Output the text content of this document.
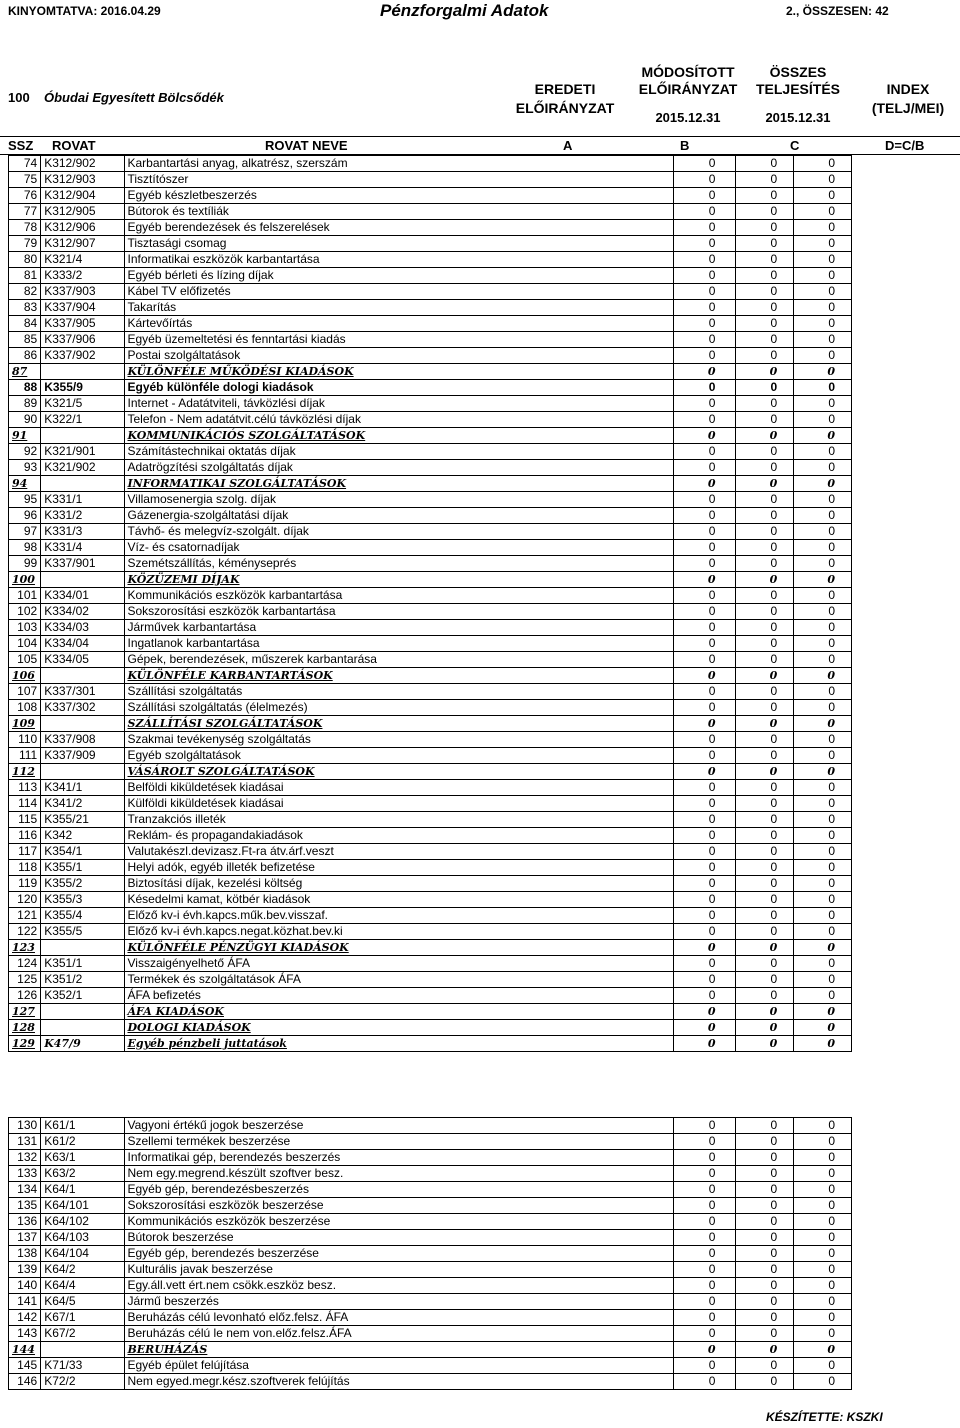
KINYOMTATVA: 2016.04.29	Pénzforgalmi Adatok	2., ÖSSZESEN: 42
100 Óbudai Egyesített Bölcsődék
EREDETI
ELŐIRÁNYZAT
MÓDOSÍTOTT
ELŐIRÁNYZAT
2015.12.31
ÖSSZES
TELJESÍTÉS
2015.12.31
INDEX
(TELJ/MEI)
SSZ ROVAT	ROVAT NEVE	A	B	C	D=C/B
74	K312/902	Karbantartási anyag, alkatrész, szerszám	0	0	0
75	K312/903	Tisztítószer	0	0	0
76	K312/904	Egyéb készletbeszerzés	0	0	0
77	K312/905	Bútorok és textíliák	0	0	0
78	K312/906	Egyéb berendezések és felszerelések	0	0	0
79	K312/907	Tisztasági csomag	0	0	0
80	K321/4	Informatikai eszközök karbantartása	0	0	0
81	K333/2	Egyéb bérleti és lízing díjak	0	0	0
82	K337/903	Kábel TV előfizetés	0	0	0
83	K337/904	Takarítás	0	0	0
84	K337/905	Kártevőírtás	0	0	0
85	K337/906	Egyéb üzemeltetési és fenntartási kiadás	0	0	0
86	K337/902	Postai szolgáltatások	0	0	0
87		KÜLÖNFÉLE MŰKÖDÉSI KIADÁSOK	0	0	0
88	K355/9	Egyéb különféle dologi kiadások	0	0	0
89	K321/5	Internet - Adatátviteli, távközlési díjak	0	0	0
90	K322/1	Telefon - Nem adatátvit.célú távközlési díjak	0	0	0
91		KOMMUNIKÁCIÓS SZOLGÁLTATÁSOK	0	0	0
92	K321/901	Számítástechnikai oktatás díjak	0	0	0
93	K321/902	Adatrögzítési szolgáltatás díjak	0	0	0
94		INFORMATIKAI SZOLGÁLTATÁSOK	0	0	0
95	K331/1	Villamosenergia szolg. díjak	0	0	0
96	K331/2	Gázenergia-szolgáltatási díjak	0	0	0
97	K331/3	Távhő- és melegvíz-szolgált. díjak	0	0	0
98	K331/4	Víz- és csatornadíjak	0	0	0
99	K337/901	Szemétszállítás, kéményseprés	0	0	0
100		KÖZÜZEMI DÍJAK	0	0	0
101	K334/01	Kommunikációs eszközök karbantartása	0	0	0
102	K334/02	Sokszorosítási eszközök karbantartása	0	0	0
103	K334/03	Járművek karbantartása	0	0	0
104	K334/04	Ingatlanok karbantartása	0	0	0
105	K334/05	Gépek, berendezések, műszerek karbantarása	0	0	0
106		KÜLÖNFÉLE KARBANTARTÁSOK	0	0	0
107	K337/301	Szállítási szolgáltatás	0	0	0
108	K337/302	Szállítási szolgáltatás (élelmezés)	0	0	0
109		SZÁLLÍTÁSI SZOLGÁLTATÁSOK	0	0	0
110	K337/908	Szakmai tevékenység szolgáltatás	0	0	0
111	K337/909	Egyéb szolgáltatások	0	0	0
112		VÁSÁROLT SZOLGÁLTATÁSOK	0	0	0
113	K341/1	Belföldi kiküldetések kiadásai	0	0	0
114	K341/2	Külföldi kiküldetések kiadásai	0	0	0
115	K355/21	Tranzakciós illeték	0	0	0
116	K342	Reklám- és propagandakiadások	0	0	0
117	K354/1	Valutakészl.devizasz.Ft-ra átv.árf.veszt	0	0	0
118	K355/1	Helyi adók, egyéb illeték befizetése	0	0	0
119	K355/2	Biztosítási díjak, kezelési költség	0	0	0
120	K355/3	Késedelmi kamat, kötbér kiadások	0	0	0
121	K355/4	Előző kv-i évh.kapcs.műk.bev.visszaf.	0	0	0
122	K355/5	Előző kv-i évh.kapcs.negat.közhat.bev.ki	0	0	0
123		KÜLÖNFÉLE PÉNZÜGYI KIADÁSOK	0	0	0
124	K351/1	Visszaigényelhető ÁFA	0	0	0
125	K351/2	Termékek és szolgáltatások ÁFA	0	0	0
126	K352/1	ÁFA befizetés	0	0	0
127		ÁFA KIADÁSOK	0	0	0
128		DOLOGI KIADÁSOK	0	0	0
129	K47/9	Egyéb pénzbeli juttatások	0	0	0
130	K61/1	Vagyoni értékű jogok beszerzése	0	0	0
131	K61/2	Szellemi termékek beszerzése	0	0	0
132	K63/1	Informatikai gép, berendezés beszerzés	0	0	0
133	K63/2	Nem egy.megrend.készült szoftver besz.	0	0	0
134	K64/1	Egyéb gép, berendezésbeszerzés	0	0	0
135	K64/101	Sokszorosítási eszközök beszerzése	0	0	0
136	K64/102	Kommunikációs eszközök beszerzése	0	0	0
137	K64/103	Bútorok beszerzése	0	0	0
138	K64/104	Egyéb gép, berendezés beszerzése	0	0	0
139	K64/2	Kulturális javak beszerzése	0	0	0
140	K64/4	Egy.áll.vett ért.nem csökk.eszköz besz.	0	0	0
141	K64/5	Jármű beszerzés	0	0	0
142	K67/1	Beruházás célú levonható előz.felsz. ÁFA	0	0	0
143	K67/2	Beruházás célú le nem von.előz.felsz.ÁFA	0	0	0
144		BERUHÁZÁS	0	0	0
145	K71/33	Egyéb épület felújítása	0	0	0
146	K72/2	Nem egyed.megr.kész.szoftverek felújítás	0	0	0
KÉSZÍTETTE: KSZKI
